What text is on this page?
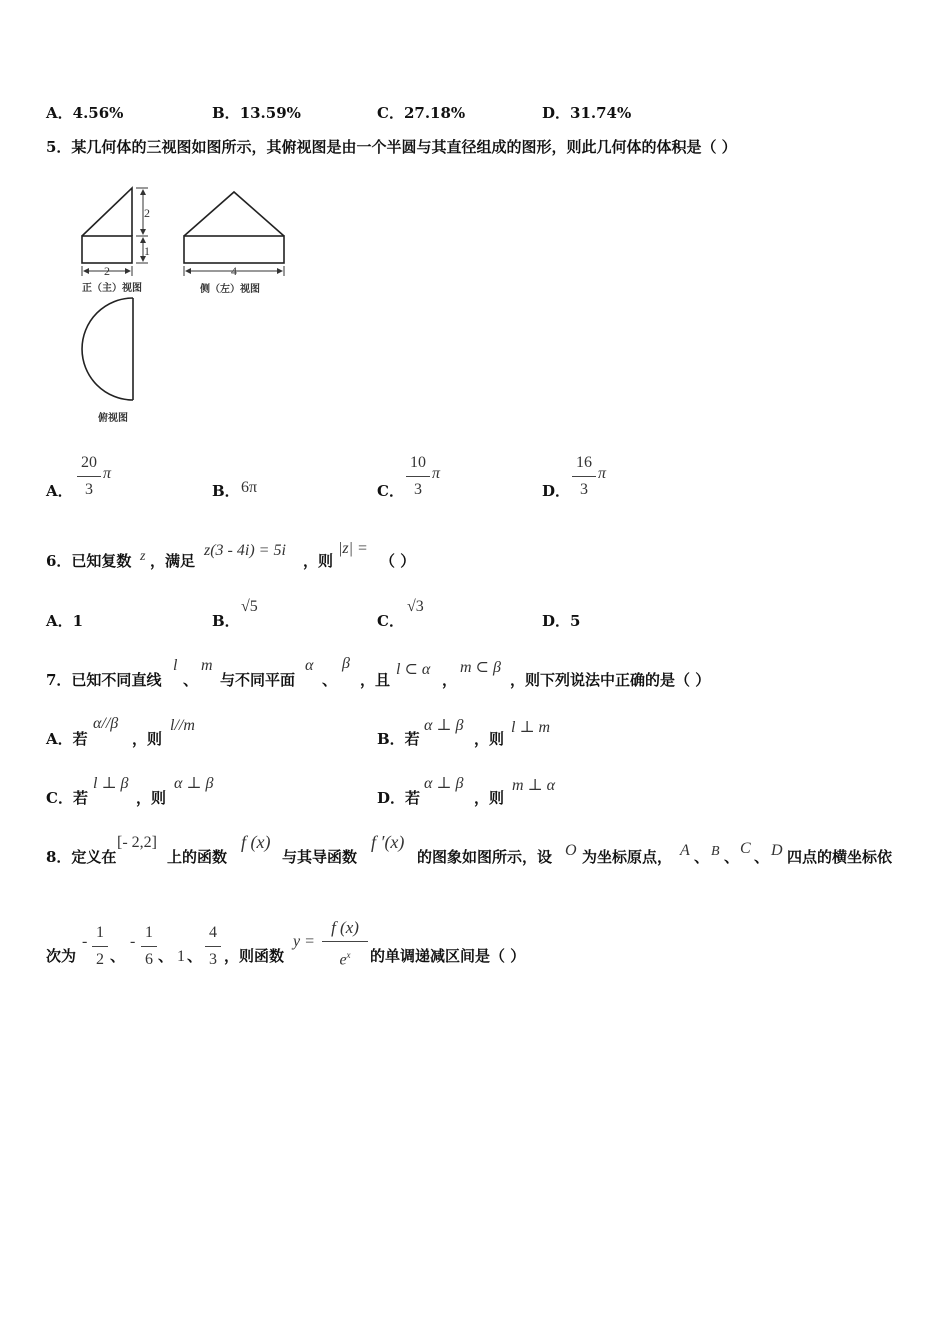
A．4.56%	B．13.59%	C．27.18%	D．31.74%
5．某几何体的三视图如图所示，其俯视图是由一个半圆与其直径组成的图形，则此几何体的体积是（ ）
2
1
2
正（主）视图
4
侧（左）视图
俯视图
A．
20
3
π
B． 6π	C．
10
3
π
D．
16
3
π
6．已知复数 z ，满足
z(3 - 4i) = 5i
，则
|z| =
（ ）
A．1	B．
√5
C．
√3
D．5
7．已知不同直线
l
、
m
与不同平面
α
、
β
，且
l ⊂ α
，
m ⊂ β
，则下列说法中正确的是（ ）
A．若
α//β
，则
l//m
B．若
α ⊥ β
，则
l ⊥ m
C．若
l ⊥ β
，则
α ⊥ β
D．若
α ⊥ β
，则
m ⊥ α
8．定义在
[- 2,2]
上的函数
f (x)
与其导函数
f ′(x)
的图象如图所示，设 O 为坐标原点， A 、 B 、 C 、 D 四点的横坐标依
次为
-
1
2 、
-
1
6 、 1 、
4
3 ，则函数
y =
f (x)
$e^x$	的单调递减区间是（ ）
